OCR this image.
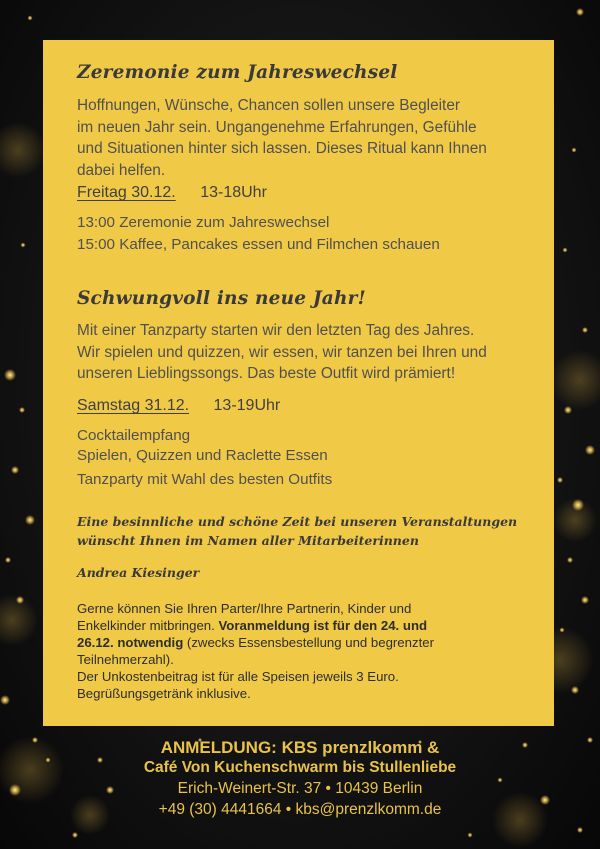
Zeremonie zum Jahreswechsel
Hoffnungen, Wünsche, Chancen sollen unsere Begleiter
im neuen Jahr sein. Ungangenehme Erfahrungen, Gefühle
und Situationen hinter sich lassen. Dieses Ritual kann Ihnen
dabei helfen.
Freitag 30.12. 13-18Uhr
13:00 Zeremonie zum Jahreswechsel
15:00 Kaffee, Pancakes essen und Filmchen schauen
Schwungvoll ins neue Jahr!
Mit einer Tanzparty starten wir den letzten Tag des Jahres.
Wir spielen und quizzen, wir essen, wir tanzen bei Ihren und
unseren Lieblingssongs. Das beste Outfit wird prämiert!
Samstag 31.12. 13-19Uhr
Cocktailempfang
Spielen, Quizzen und Raclette Essen
Tanzparty mit Wahl des besten Outfits
Eine besinnliche und schöne Zeit bei unseren Veranstaltungen
wünscht Ihnen im Namen aller Mitarbeiterinnen
Andrea Kiesinger
Gerne können Sie Ihren Parter/Ihre Partnerin, Kinder und
Enkelkinder mitbringen. Voranmeldung ist für den 24. und
26.12. notwendig (zwecks Essensbestellung und begrenzter
Teilnehmerzahl).
Der Unkostenbeitrag ist für alle Speisen jeweils 3 Euro.
Begrüßungsgetränk inklusive.
ANMELDUNG: KBS prenzlkomm &
Café Von Kuchenschwarm bis Stullenliebe
Erich-Weinert-Str. 37 • 10439 Berlin
+49 (30) 4441664 • kbs@prenzlkomm.de
